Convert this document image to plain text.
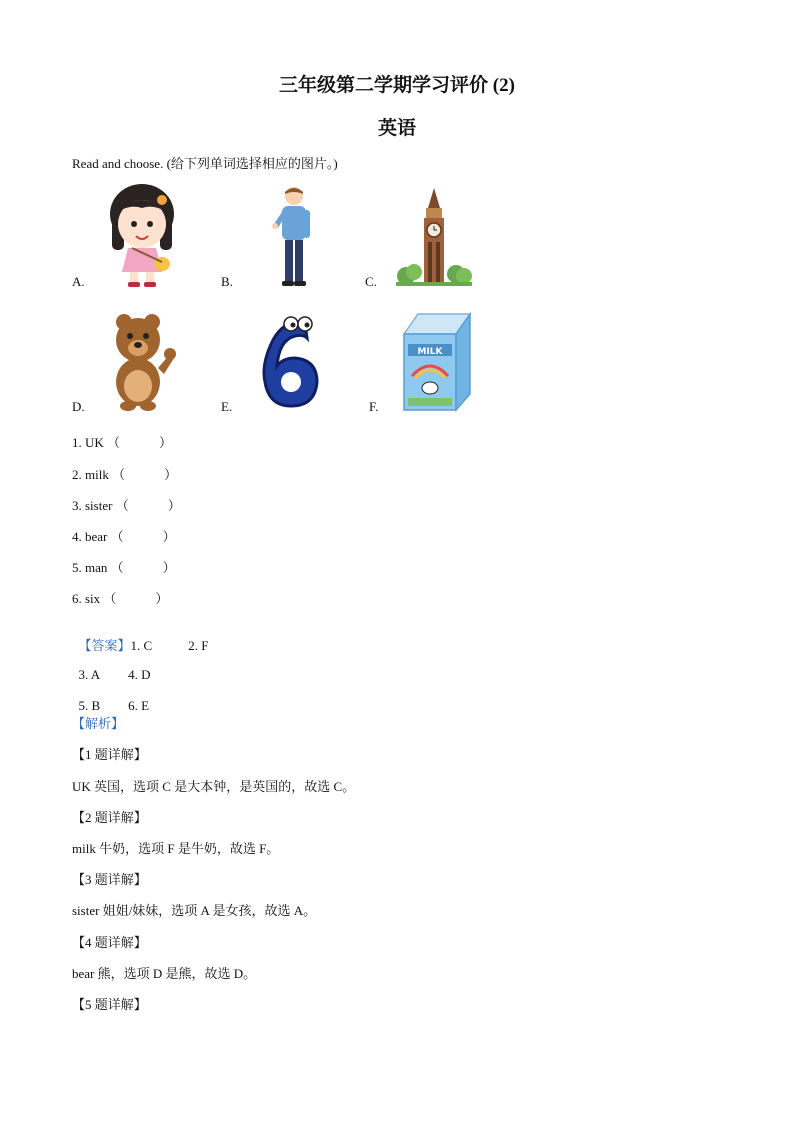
三年级第二学期学习评价 (2)
英语
Read and choose. (给下列单词选择相应的图片。)
A.	B.	C.
D.	E.	F.
MILK
1. UK （            ）
2. milk （            ）
3. sister （            ）
4. bear （            ）
5. man （            ）
6. six （            ）

【答案】1. C	2. F

3. A 4. D

5. B 6. E

【解析】
【1 题详解】
UK 英国，选项 C 是大本钟，是英国的，故选 C。
【2 题详解】
milk 牛奶，选项 F 是牛奶，故选 F。
【3 题详解】
sister 姐姐/妹妹，选项 A 是女孩，故选 A。
【4 题详解】
bear 熊，选项 D 是熊，故选 D。
【5 题详解】
